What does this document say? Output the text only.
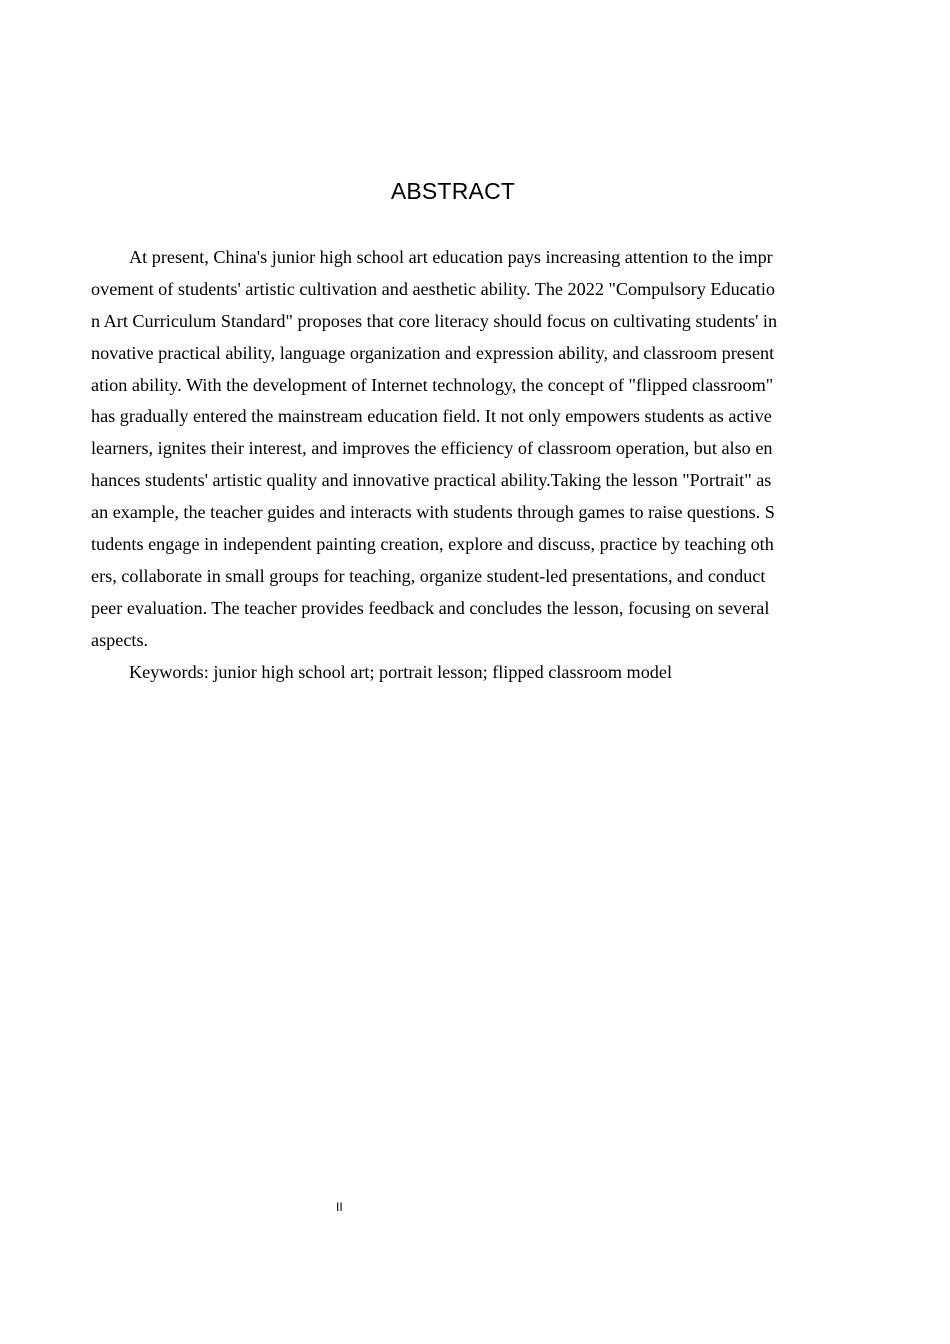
ABSTRACT
At present, China's junior high school art education pays increasing attention to the impr
ovement of students' artistic cultivation and aesthetic ability. The 2022 "Compulsory Educatio
n Art Curriculum Standard" proposes that core literacy should focus on cultivating students' in
novative practical ability, language organization and expression ability, and classroom present
ation ability. With the development of Internet technology, the concept of "flipped classroom"
has gradually entered the mainstream education field. It not only empowers students as active
learners, ignites their interest, and improves the efficiency of classroom operation, but also en
hances students' artistic quality and innovative practical ability.Taking the lesson "Portrait" as
an example, the teacher guides and interacts with students through games to raise questions. S
tudents engage in independent painting creation, explore and discuss, practice by teaching oth
ers, collaborate in small groups for teaching, organize student-led presentations, and conduct
peer evaluation. The teacher provides feedback and concludes the lesson, focusing on several
aspects.
Keywords: junior high school art; portrait lesson; flipped classroom model
II
